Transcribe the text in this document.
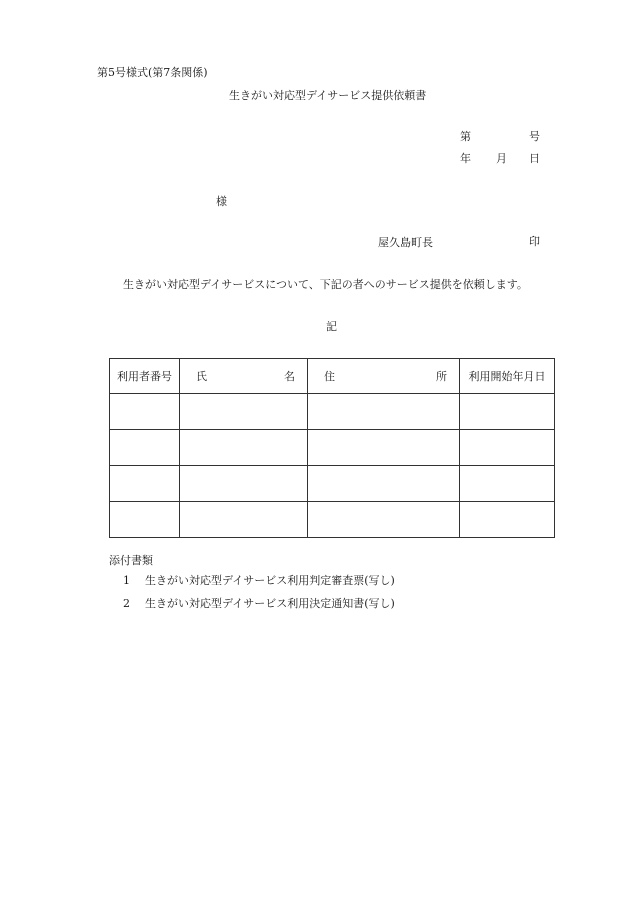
第5号様式(第7条関係)
生きがい対応型デイサービス提供依頼書
第	号
年 月 日
様
屋久島町長	印
生きがい対応型デイサービスについて、下記の者へのサービス提供を依頼します。
記
利用者番号	氏 名	住 所	利用開始年月日

添付書類
1 生きがい対応型デイサービス利用判定審査票(写し)
2 生きがい対応型デイサービス利用決定通知書(写し)
